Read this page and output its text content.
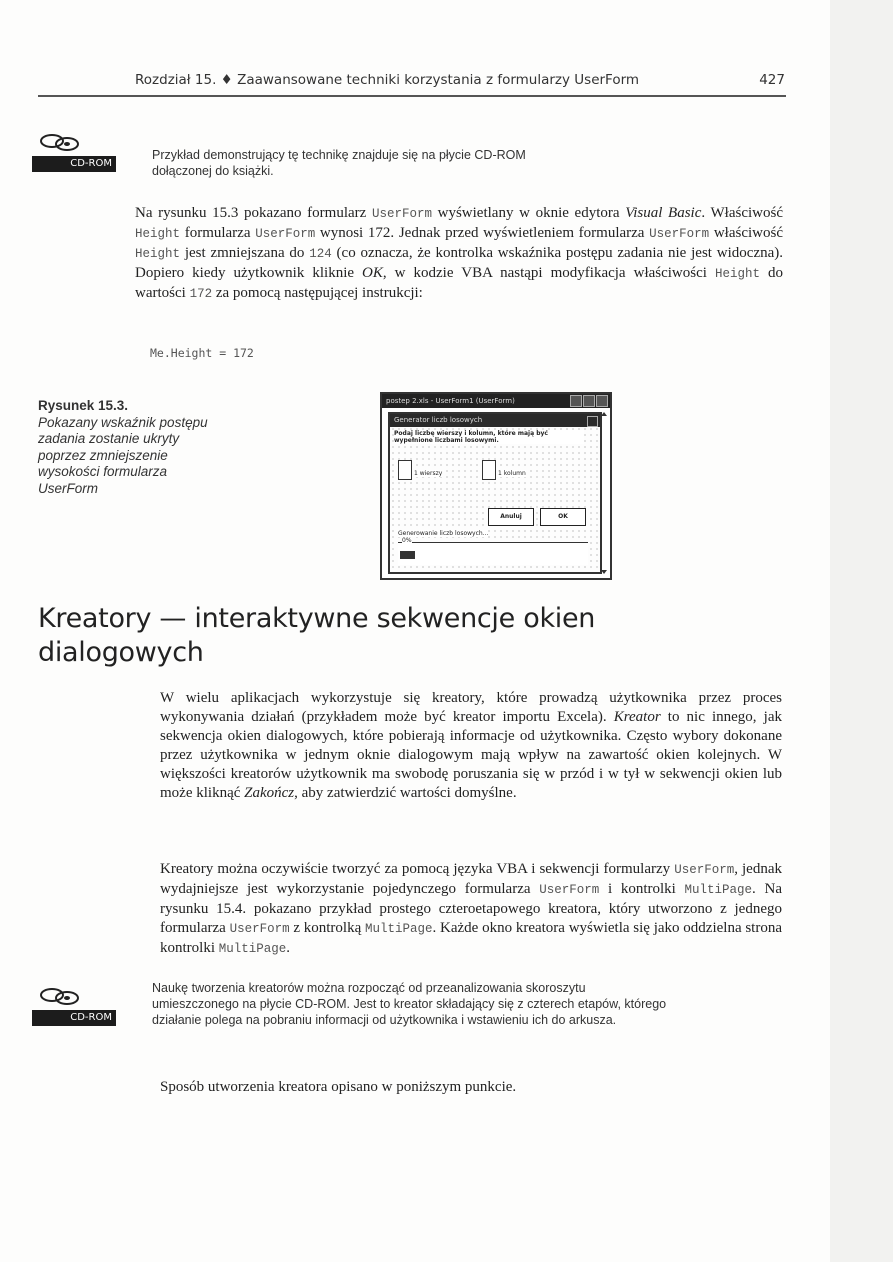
Rozdział 15. ♦ Zaawansowane techniki korzystania z formularzy UserForm	427
CD-ROM
Przykład demonstrujący tę technikę znajduje się na płycie CD-ROM dołączonej do książki.
Na rysunku 15.3 pokazano formularz UserForm wyświetlany w oknie edytora Visual Basic. Właściwość Height formularza UserForm wynosi 172. Jednak przed wyświetleniem formularza UserForm właściwość Height jest zmniejszana do 124 (co oznacza, że kontrolka wskaźnika postępu zadania nie jest widoczna). Dopiero kiedy użytkownik kliknie OK, w kodzie VBA nastąpi modyfikacja właściwości Height do wartości 172 za pomocą następującej instrukcji:
Me.Height = 172
Rysunek 15.3.
Pokazany wskaźnik postępu zadania zostanie ukryty poprzez zmniejszenie wysokości formularza UserForm
postep 2.xls - UserForm1 (UserForm)
Generator liczb losowych
Podaj liczbę wierszy i kolumn, które mają być wypełnione liczbami losowymi.
1 wierszy	1 kolumn
Anuluj	OK
Generowanie liczb losowych...
0%
Kreatory — interaktywne sekwencje okien dialogowych
W wielu aplikacjach wykorzystuje się kreatory, które prowadzą użytkownika przez proces wykonywania działań (przykładem może być kreator importu Excela). Kreator to nic innego, jak sekwencja okien dialogowych, które pobierają informacje od użytkownika. Często wybory dokonane przez użytkownika w jednym oknie dialogowym mają wpływ na zawartość okien kolejnych. W większości kreatorów użytkownik ma swobodę poruszania się w przód i w tył w sekwencji okien lub może kliknąć Zakończ, aby zatwierdzić wartości domyślne.
Kreatory można oczywiście tworzyć za pomocą języka VBA i sekwencji formularzy UserForm, jednak wydajniejsze jest wykorzystanie pojedynczego formularza UserForm i kontrolki MultiPage. Na rysunku 15.4. pokazano przykład prostego czteroetapowego kreatora, który utworzono z jednego formularza UserForm z kontrolką MultiPage. Każde okno kreatora wyświetla się jako oddzielna strona kontrolki MultiPage.
CD-ROM
Naukę tworzenia kreatorów można rozpocząć od przeanalizowania skoroszytu umieszczonego na płycie CD-ROM. Jest to kreator składający się z czterech etapów, którego działanie polega na pobraniu informacji od użytkownika i wstawieniu ich do arkusza.
Sposób utworzenia kreatora opisano w poniższym punkcie.
